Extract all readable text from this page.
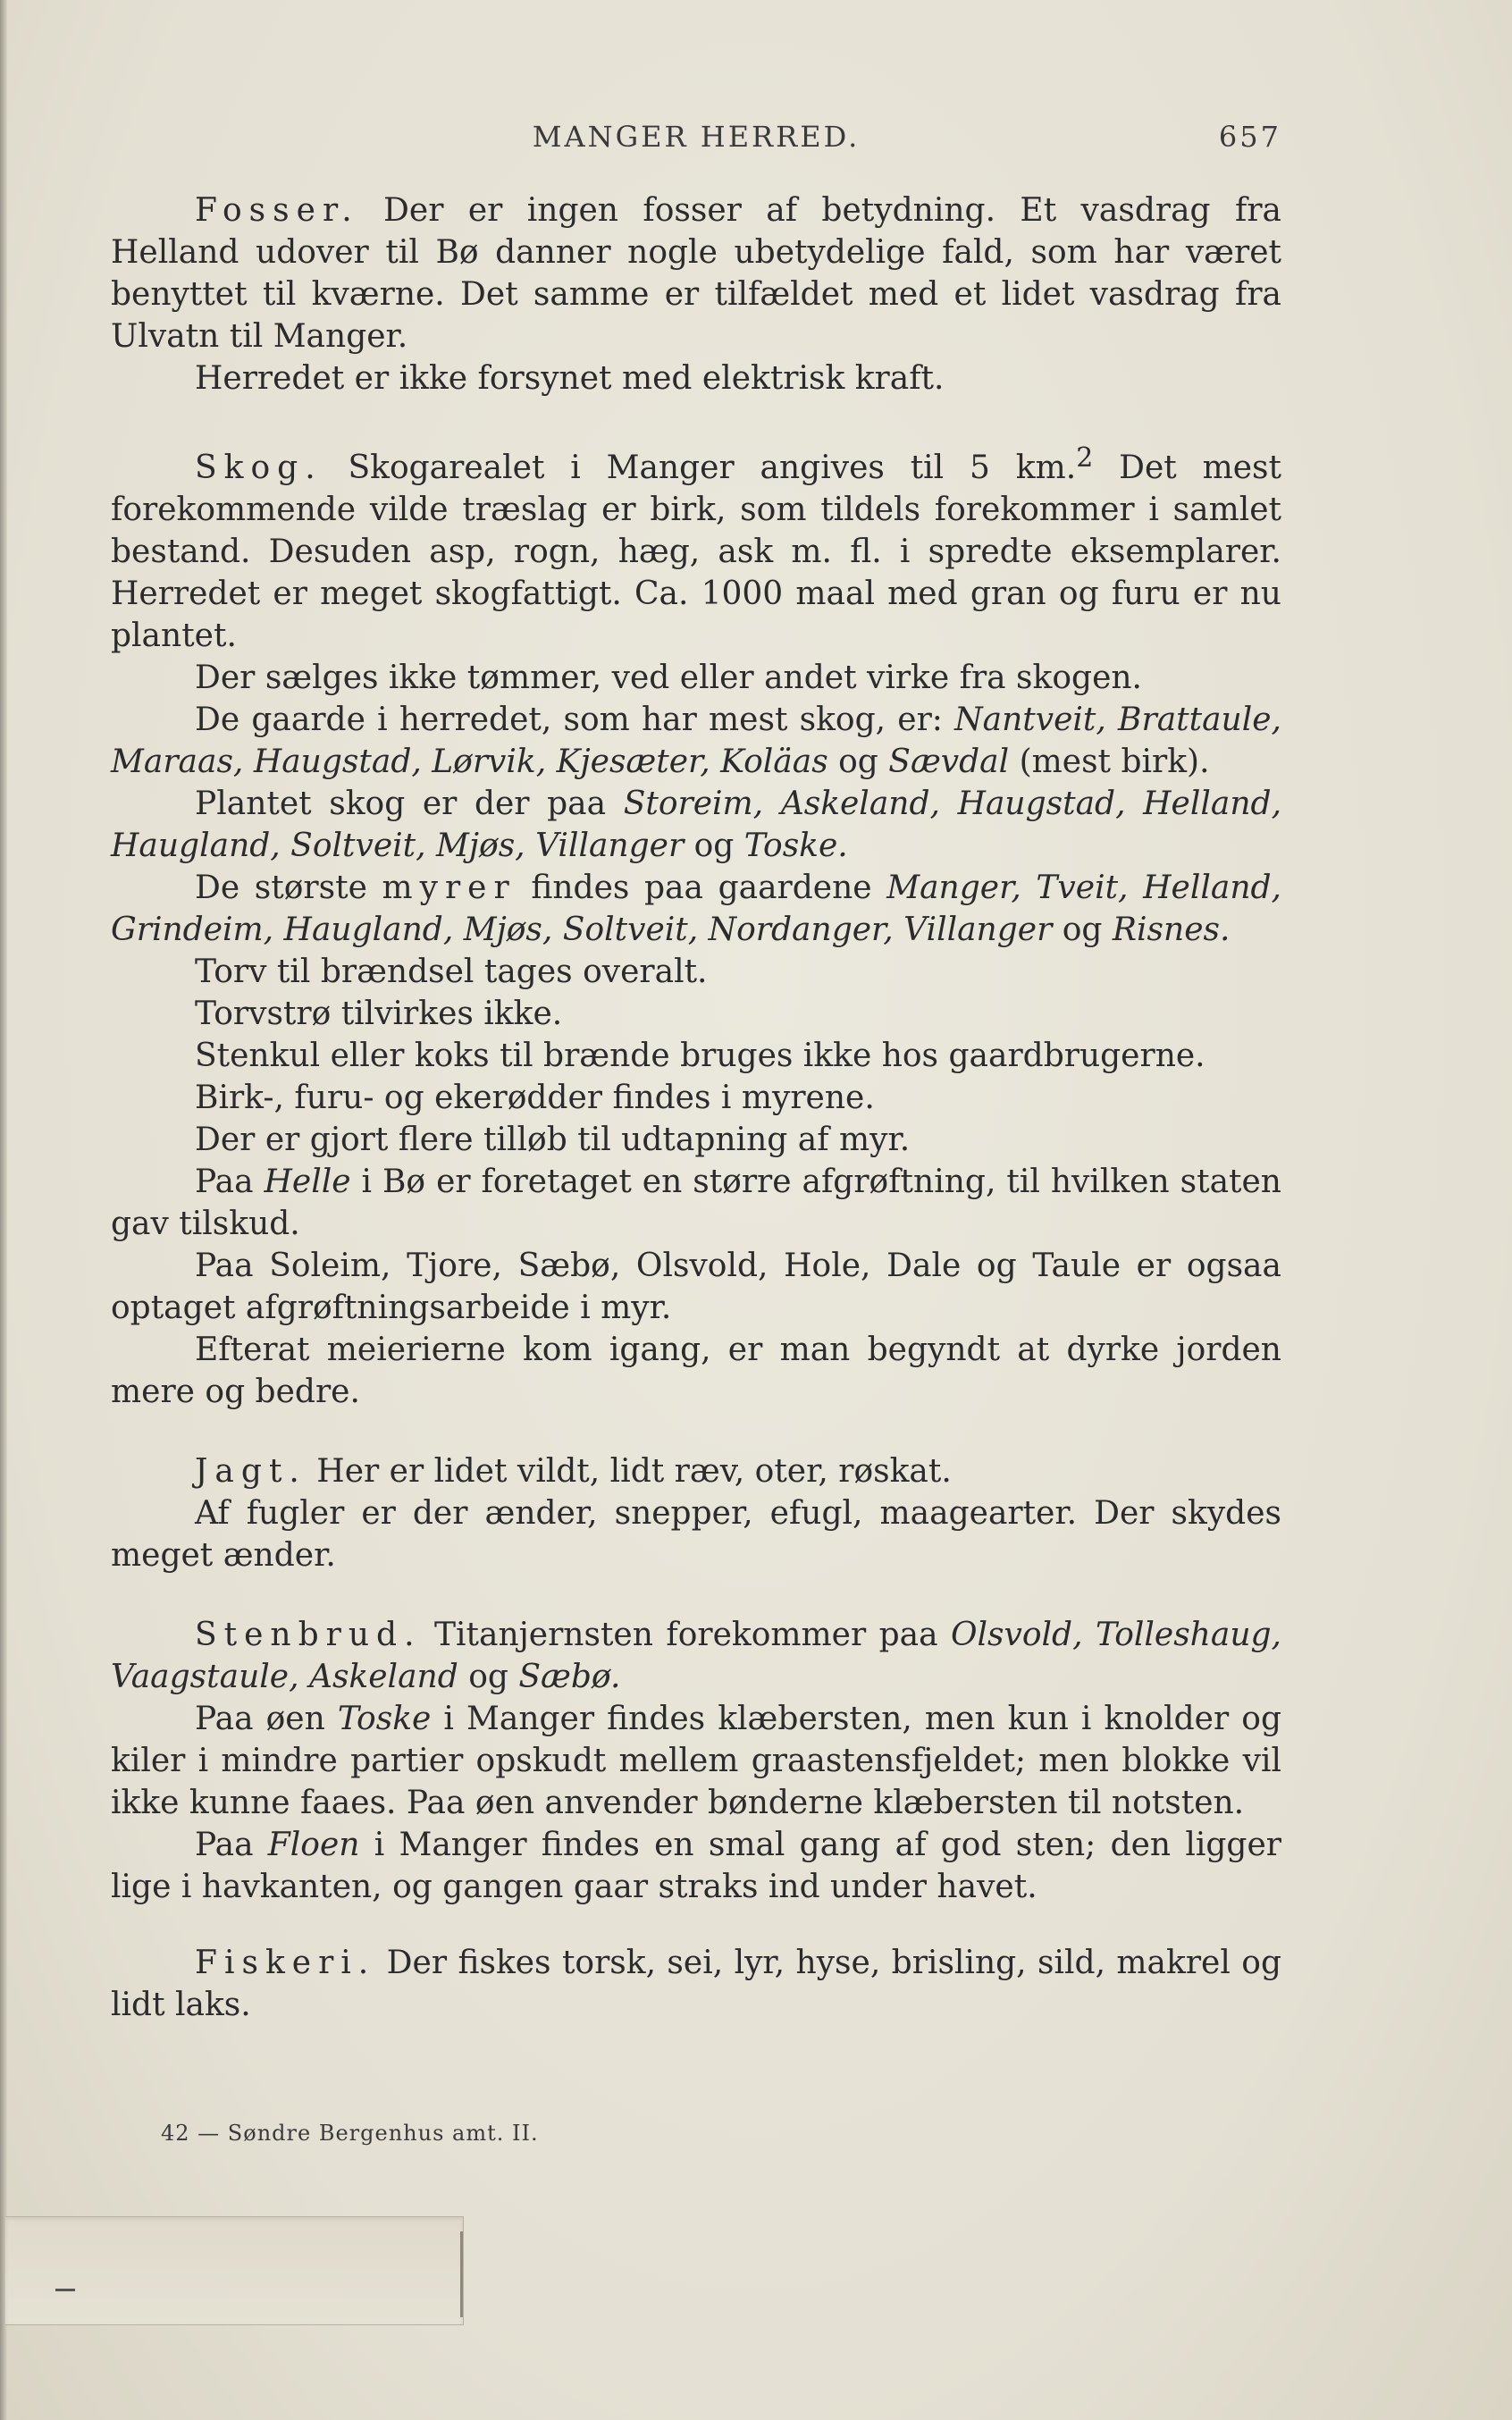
MANGER HERRED.	657

Fosser. Der er ingen fosser af betydning. Et vasdrag fra Helland udover til Bø danner nogle ubetydelige fald, som har været benyttet til kværne. Det samme er tilfældet med et lidet vasdrag fra Ulvatn til Manger.

Herredet er ikke forsynet med elektrisk kraft.

Skog. Skogarealet i Manger angives til 5 km.$^2$ Det mest forekommende vilde træslag er birk, som tildels forekommer i samlet bestand. Desuden asp, rogn, hæg, ask m. fl. i spredte eksemplarer. Herredet er meget skogfattigt. Ca. 1000 maal med gran og furu er nu plantet.

Der sælges ikke tømmer, ved eller andet virke fra skogen.

De gaarde i herredet, som har mest skog, er: Nantveit, Brattaule, Maraas, Haugstad, Lørvik, Kjesæter, Koläas og Sævdal (mest birk).

Plantet skog er der paa Storeim, Askeland, Haugstad, Helland, Haugland, Soltveit, Mjøs, Villanger og Toske.

De største myrer findes paa gaardene Manger, Tveit, Helland, Grindeim, Haugland, Mjøs, Soltveit, Nordanger, Villanger og Risnes.

Torv til brændsel tages overalt.

Torvstrø tilvirkes ikke.

Stenkul eller koks til brænde bruges ikke hos gaardbrugerne.

Birk-, furu- og ekerødder findes i myrene.

Der er gjort flere tilløb til udtapning af myr.

Paa Helle i Bø er foretaget en større afgrøftning, til hvilken staten gav tilskud.

Paa Soleim, Tjore, Sæbø, Olsvold, Hole, Dale og Taule er ogsaa optaget afgrøftningsarbeide i myr.

Efterat meierierne kom igang, er man begyndt at dyrke jorden mere og bedre.

Jagt. Her er lidet vildt, lidt ræv, oter, røskat.

Af fugler er der ænder, snepper, efugl, maagearter. Der skydes meget ænder.

Stenbrud. Titanjernsten forekommer paa Olsvold, Tolleshaug, Vaagstaule, Askeland og Sæbø.

Paa øen Toske i Manger findes klæbersten, men kun i knolder og kiler i mindre partier opskudt mellem graastensfjeldet; men blokke vil ikke kunne faaes. Paa øen anvender bønderne klæbersten til notsten.

Paa Floen i Manger findes en smal gang af god sten; den ligger lige i havkanten, og gangen gaar straks ind under havet.

Fiskeri. Der fiskes torsk, sei, lyr, hyse, brisling, sild, makrel og lidt laks.

42 — Søndre Bergenhus amt. II.
